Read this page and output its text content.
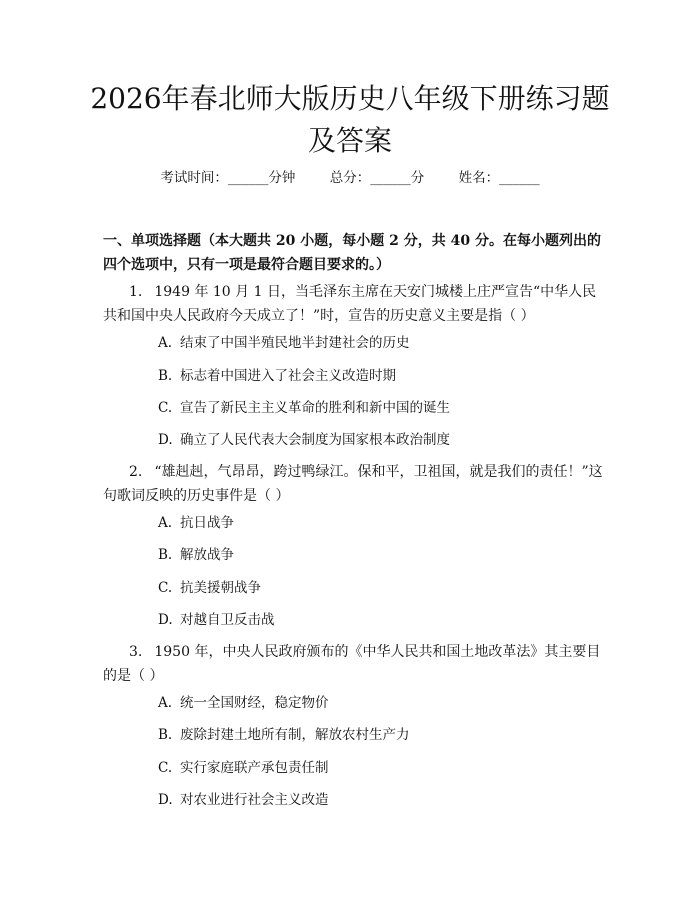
2026年春北师大版历史八年级下册练习题及答案
考试时间：______分钟        总分：______分        姓名：______
一、单项选择题（本大题共 20 小题，每小题 2 分，共 40 分。在每小题列出的四个选项中，只有一项是最符合题目要求的。）
1. 1949 年 10 月 1 日，当毛泽东主席在天安门城楼上庄严宣告“中华人民共和国中央人民政府今天成立了！”时，宣告的历史意义主要是指（ ）
A. 结束了中国半殖民地半封建社会的历史
B. 标志着中国进入了社会主义改造时期
C. 宣告了新民主主义革命的胜利和新中国的诞生
D. 确立了人民代表大会制度为国家根本政治制度
2. “雄赳赳，气昂昂，跨过鸭绿江。保和平，卫祖国，就是我们的责任！”这句歌词反映的历史事件是（ ）
A. 抗日战争
B. 解放战争
C. 抗美援朝战争
D. 对越自卫反击战
3. 1950 年，中央人民政府颁布的《中华人民共和国土地改革法》其主要目的是（ ）
A. 统一全国财经，稳定物价
B. 废除封建土地所有制，解放农村生产力
C. 实行家庭联产承包责任制
D. 对农业进行社会主义改造
